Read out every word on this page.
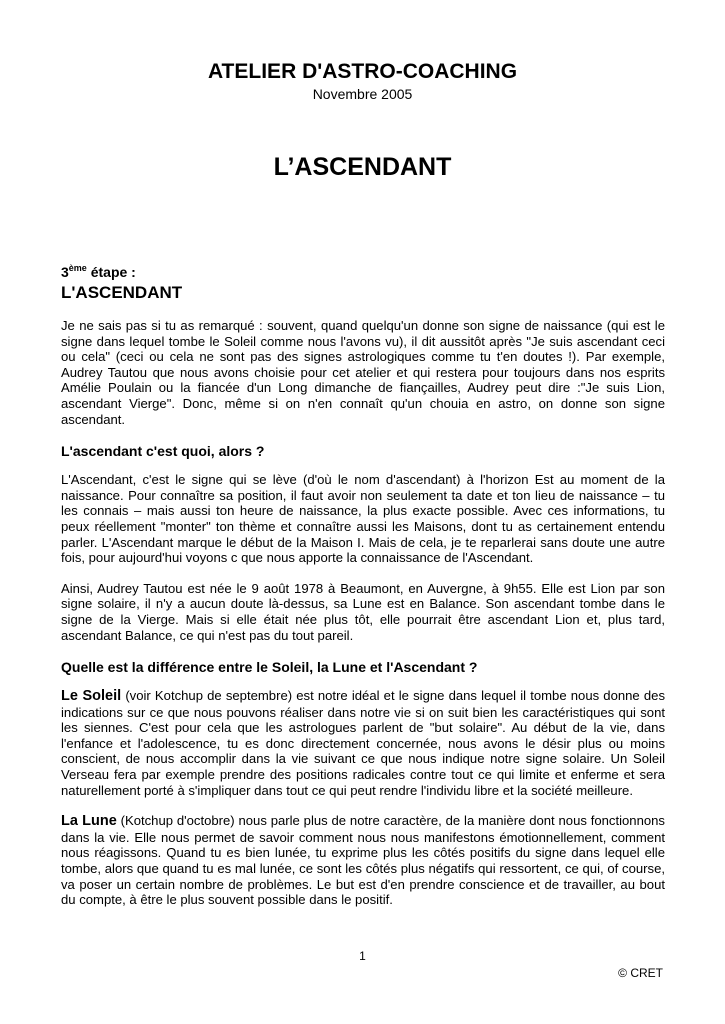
ATELIER D'ASTRO-COACHING
Novembre 2005
L’ASCENDANT
3ème étape :
L'ASCENDANT

Je ne sais pas si tu as remarqué : souvent, quand quelqu'un donne son signe de naissance (qui est le signe dans lequel tombe le Soleil comme nous l'avons vu), il dit aussitôt après "Je suis ascendant ceci ou cela" (ceci ou cela ne sont pas des signes astrologiques comme tu t'en doutes !). Par exemple, Audrey Tautou que nous avons choisie pour cet atelier et qui restera pour toujours dans nos esprits Amélie Poulain ou la fiancée d'un Long dimanche de fiançailles, Audrey peut dire :"Je suis Lion, ascendant Vierge". Donc, même si on n'en connaît qu'un chouia en astro, on donne son signe ascendant.

L'ascendant c'est quoi, alors ?

L'Ascendant, c'est le signe qui se lève (d'où le nom d'ascendant) à l'horizon Est au moment de la naissance. Pour connaître sa position, il faut avoir non seulement ta date et ton lieu de naissance – tu les connais – mais aussi ton heure de naissance, la plus exacte possible. Avec ces informations, tu peux réellement "monter" ton thème et connaître aussi les Maisons, dont tu as certainement entendu parler. L'Ascendant marque le début de la Maison I. Mais de cela, je te reparlerai sans doute une autre fois, pour aujourd'hui voyons c que nous apporte la connaissance de l'Ascendant.

Ainsi, Audrey Tautou est née le 9 août 1978 à Beaumont, en Auvergne, à 9h55. Elle est Lion par son signe solaire, il n'y a aucun doute là-dessus, sa Lune est en Balance. Son ascendant tombe dans le signe de la Vierge. Mais si elle était née plus tôt, elle pourrait être ascendant Lion et, plus tard, ascendant Balance, ce qui n'est pas du tout pareil.

Quelle est la différence entre le Soleil, la Lune et l'Ascendant ?

Le Soleil (voir Kotchup de septembre) est notre idéal et le signe dans lequel il tombe nous donne des indications sur ce que nous pouvons réaliser dans notre vie si on suit bien les caractéristiques qui sont les siennes. C'est pour cela que les astrologues parlent de "but solaire". Au début de la vie, dans l'enfance et l'adolescence, tu es donc directement concernée, nous avons le désir plus ou moins conscient, de nous accomplir dans la vie suivant ce que nous indique notre signe solaire. Un Soleil Verseau fera par exemple prendre des positions radicales contre tout ce qui limite et enferme et sera naturellement porté à s'impliquer dans tout ce qui peut rendre l'individu libre et la société meilleure.

La Lune (Kotchup d'octobre) nous parle plus de notre caractère, de la manière dont nous fonctionnons dans la vie. Elle nous permet de savoir comment nous nous manifestons émotionnellement, comment nous réagissons. Quand tu es bien lunée, tu exprime plus les côtés positifs du signe dans lequel elle tombe, alors que quand tu es mal lunée, ce sont les côtés plus négatifs qui ressortent, ce qui, of course, va poser un certain nombre de problèmes. Le but est d'en prendre conscience et de travailler, au bout du compte, à être le plus souvent possible dans le positif.

1
© CRET
